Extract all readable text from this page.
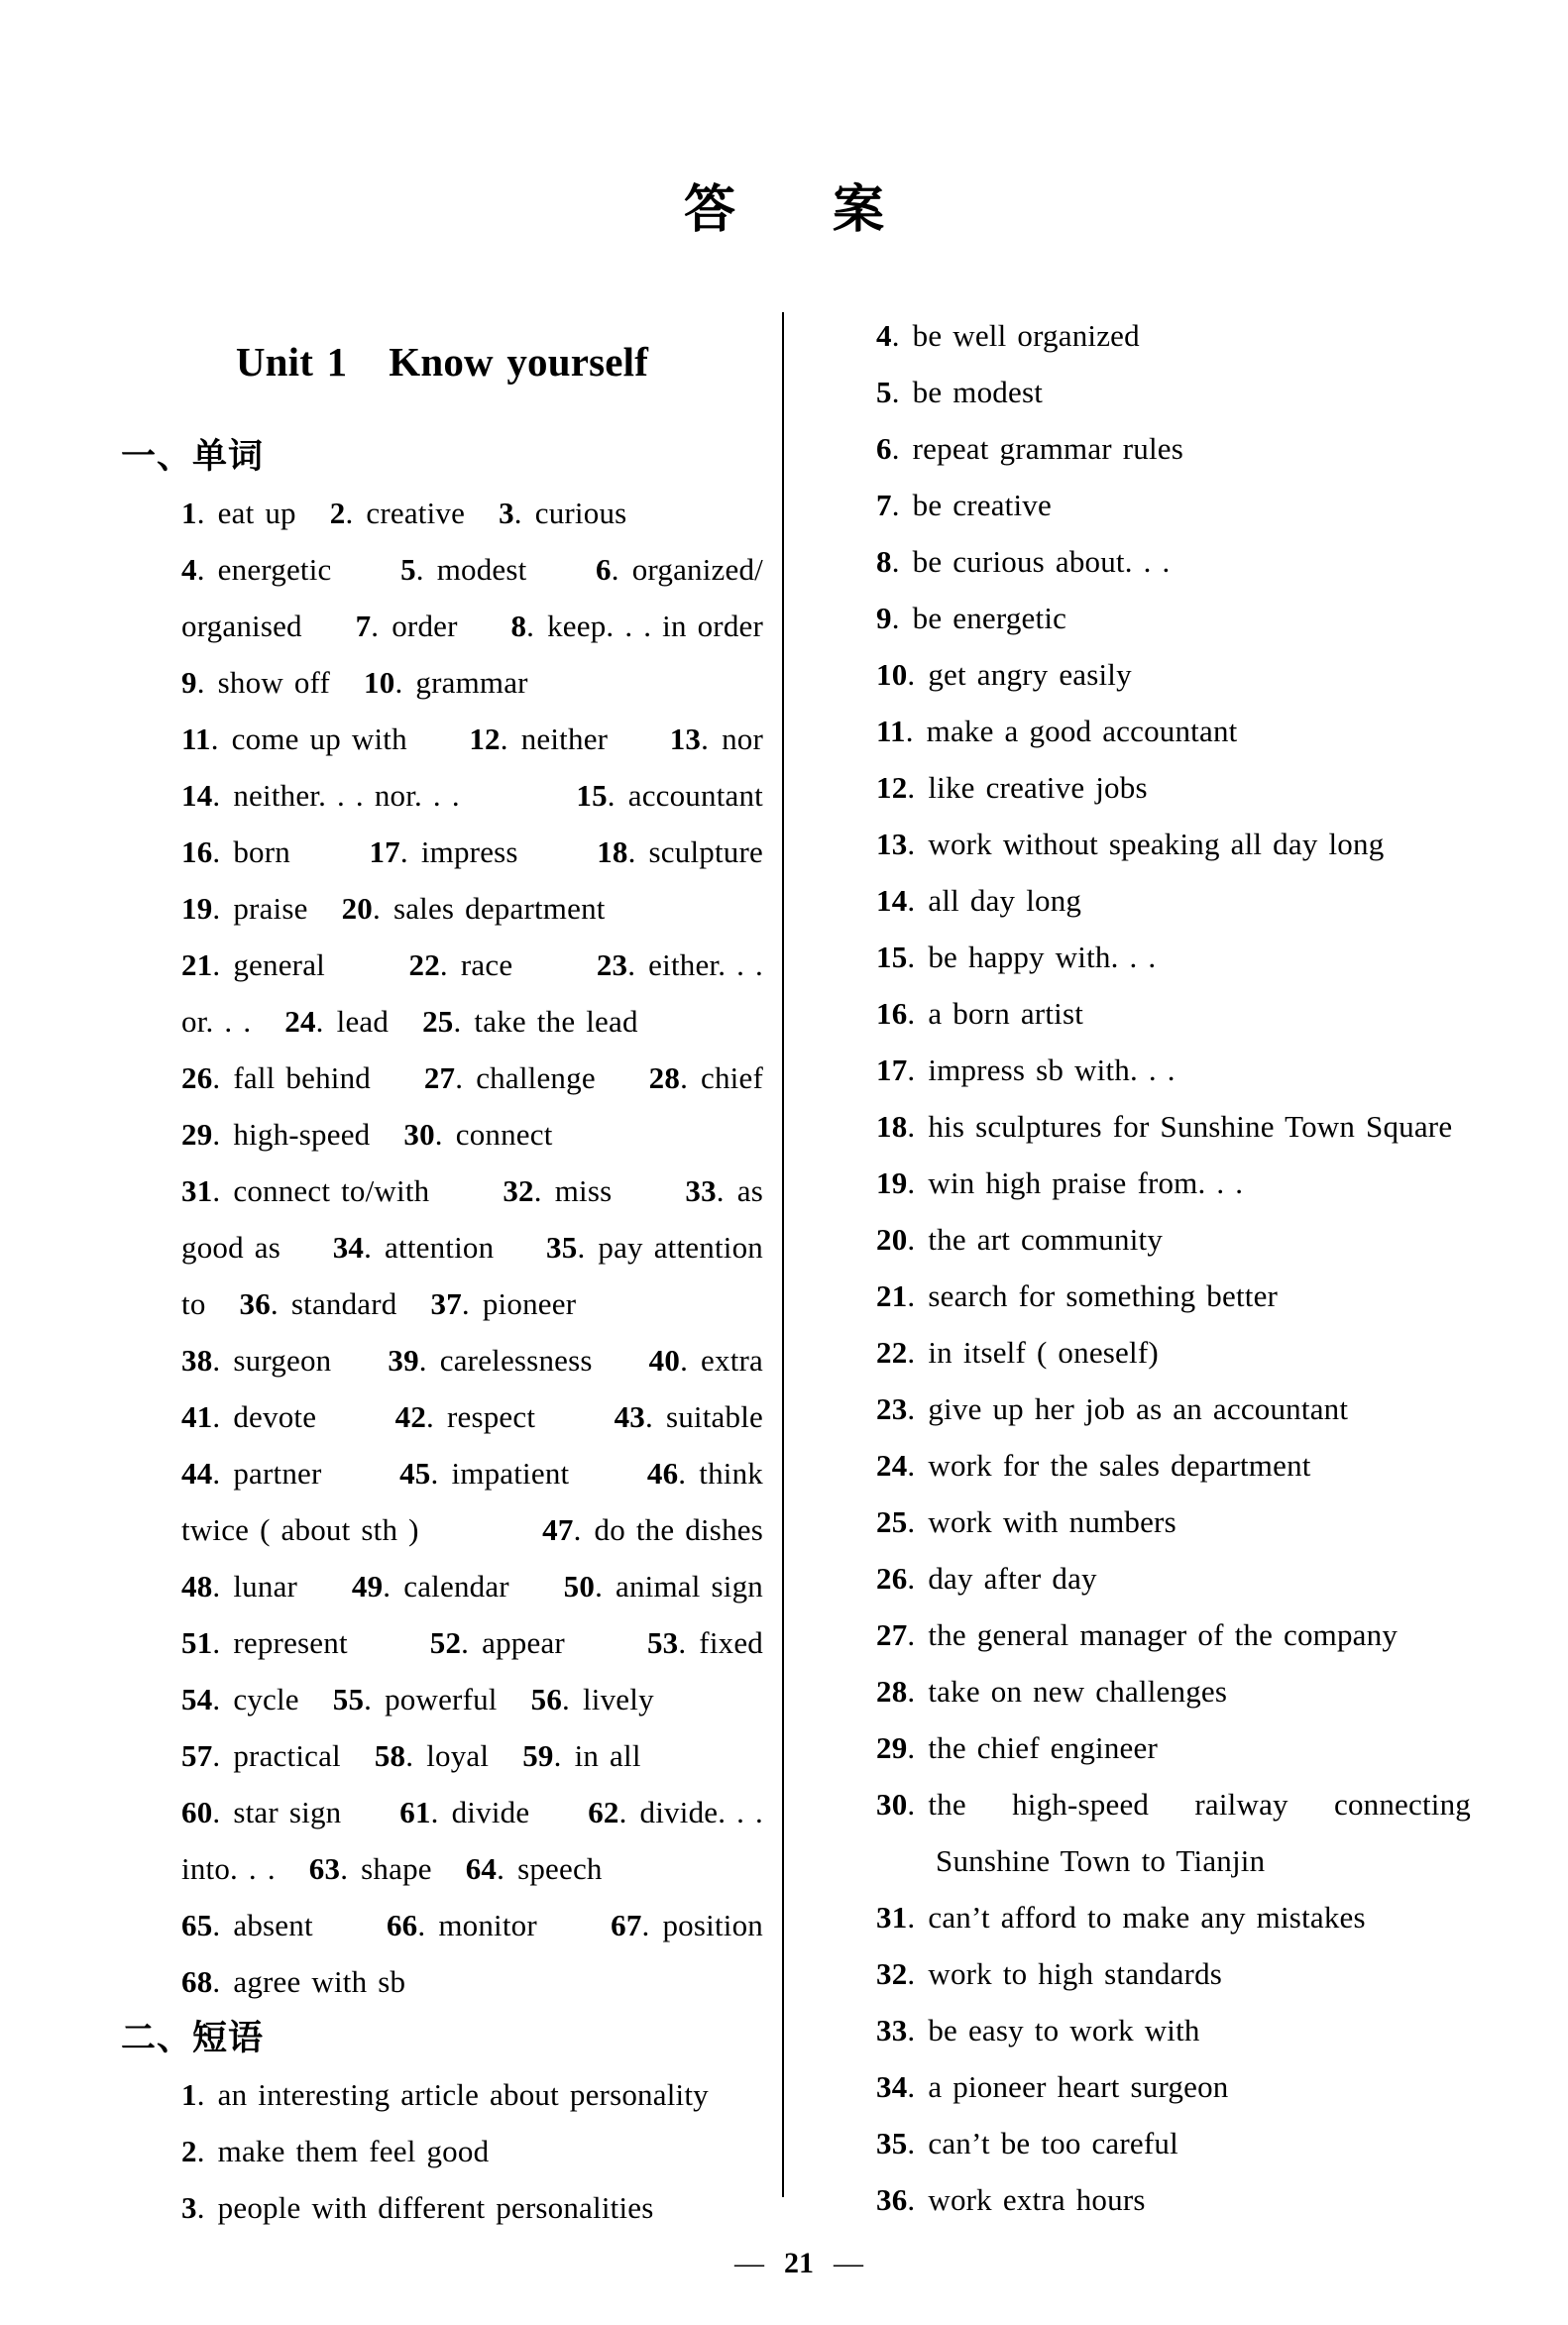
答 案
Unit 1 Know yourself
一、单词
1. eat up 2. creative 3. curious
4. energetic 5. modest 6. organized/
organised 7. order 8. keep. . . in order
9. show off 10. grammar
11. come up with 12. neither 13. nor
14. neither. . . nor. . .	15. accountant
16. born	17. impress	18. sculpture
19. praise 20. sales department
21. general	22. race	23. either. . .
or. . . 24. lead 25. take the lead
26. fall behind 27. challenge 28. chief
29. high-speed 30. connect
31. connect to/with 32. miss 33. as
good as 34. attention 35. pay attention
to 36. standard 37. pioneer
38. surgeon 39. carelessness 40. extra
41. devote	42. respect	43. suitable
44. partner	45. impatient	46. think
twice ( about sth )	47. do the dishes
48. lunar 49. calendar 50. animal sign
51. represent	52. appear	53. fixed
54. cycle 55. powerful 56. lively
57. practical 58. loyal 59. in all
60. star sign 61. divide 62. divide. . .
into. . . 63. shape 64. speech
65. absent 66. monitor 67. position
68. agree with sb
二、短语
1. an interesting article about personality
2. make them feel good
3. people with different personalities
4. be well organized
5. be modest
6. repeat grammar rules
7. be creative
8. be curious about. . .
9. be energetic
10. get angry easily
11. make a good accountant
12. like creative jobs
13. work without speaking all day long
14. all day long
15. be happy with. . .
16. a born artist
17. impress sb with. . .
18. his sculptures for Sunshine Town Square
19. win high praise from. . .
20. the art community
21. search for something better
22. in itself ( oneself)
23. give up her job as an accountant
24. work for the sales department
25. work with numbers
26. day after day
27. the general manager of the company
28. take on new challenges
29. the chief engineer
30. the high-speed railway connecting
Sunshine Town to Tianjin
31. can’t afford to make any mistakes
32. work to high standards
33. be easy to work with
34. a pioneer heart surgeon
35. can’t be too careful
36. work extra hours

— 21 —
